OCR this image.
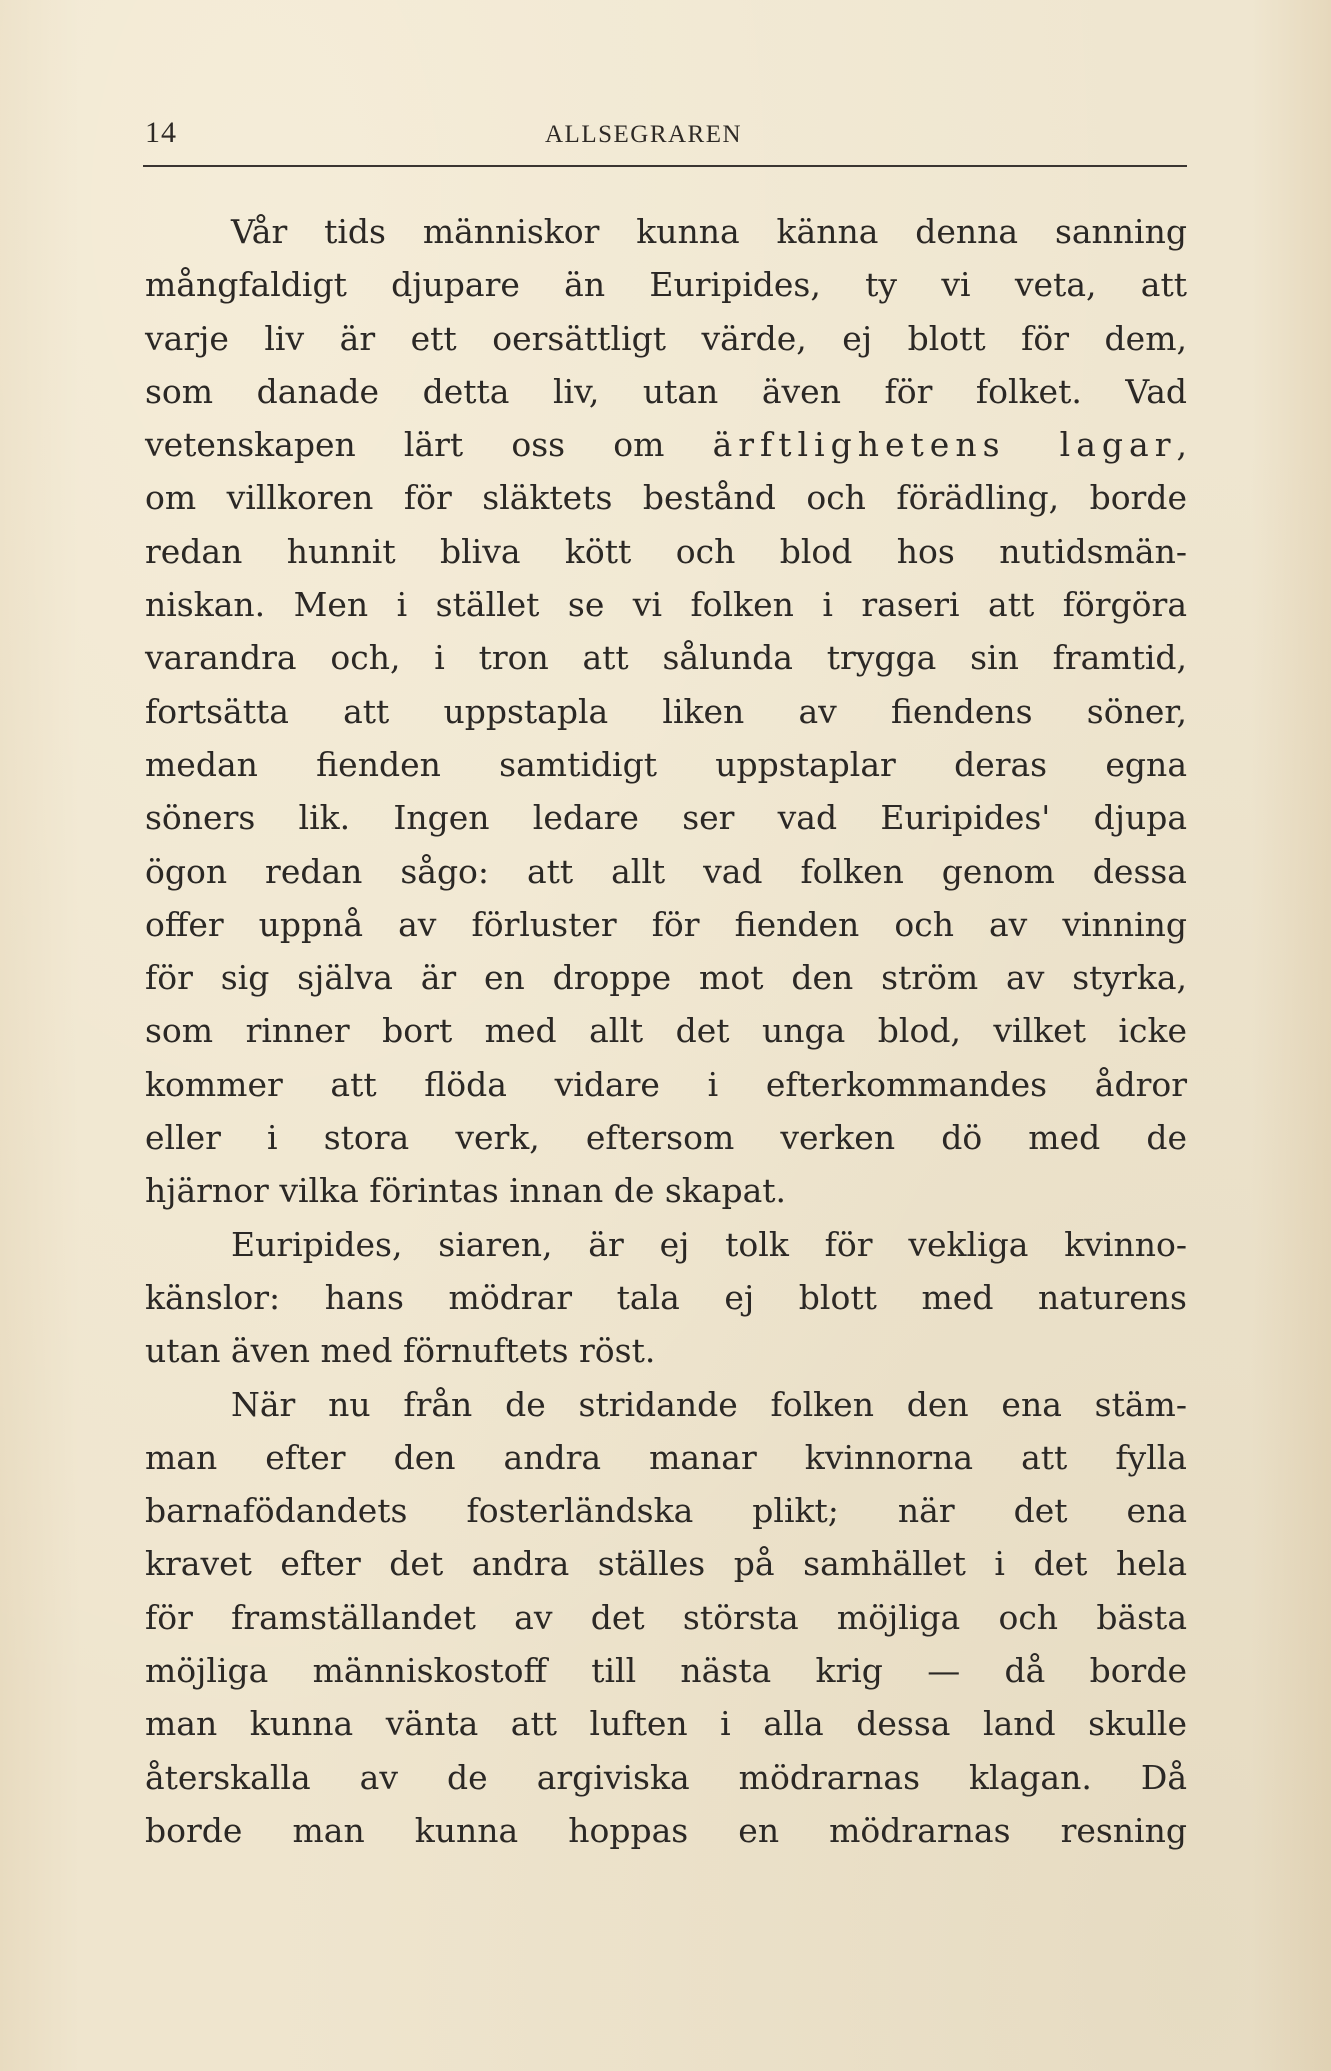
14	ALLSEGRAREN
Vår tids människor kunna känna denna sanning
mångfaldigt djupare än Euripides, ty vi veta, att
varje liv är ett oersättligt värde, ej blott för dem,
som danade detta liv, utan även för folket. Vad
vetenskapen lärt oss om ärftlighetens lagar,
om villkoren för släktets bestånd och förädling, borde
redan hunnit bliva kött och blod hos nutidsmän-
niskan. Men i stället se vi folken i raseri att förgöra
varandra och, i tron att sålunda trygga sin framtid,
fortsätta att uppstapla liken av fiendens söner,
medan fienden samtidigt uppstaplar deras egna
söners lik. Ingen ledare ser vad Euripides' djupa
ögon redan sågo: att allt vad folken genom dessa
offer uppnå av förluster för fienden och av vinning
för sig själva är en droppe mot den ström av styrka,
som rinner bort med allt det unga blod, vilket icke
kommer att flöda vidare i efterkommandes ådror
eller i stora verk, eftersom verken dö med de
hjärnor vilka förintas innan de skapat.
Euripides, siaren, är ej tolk för vekliga kvinno-
känslor: hans mödrar tala ej blott med naturens
utan även med förnuftets röst.
När nu från de stridande folken den ena stäm-
man efter den andra manar kvinnorna att fylla
barnafödandets fosterländska plikt; när det ena
kravet efter det andra ställes på samhället i det hela
för framställandet av det största möjliga och bästa
möjliga människostoff till nästa krig — då borde
man kunna vänta att luften i alla dessa land skulle
återskalla av de argiviska mödrarnas klagan. Då
borde man kunna hoppas en mödrarnas resning
